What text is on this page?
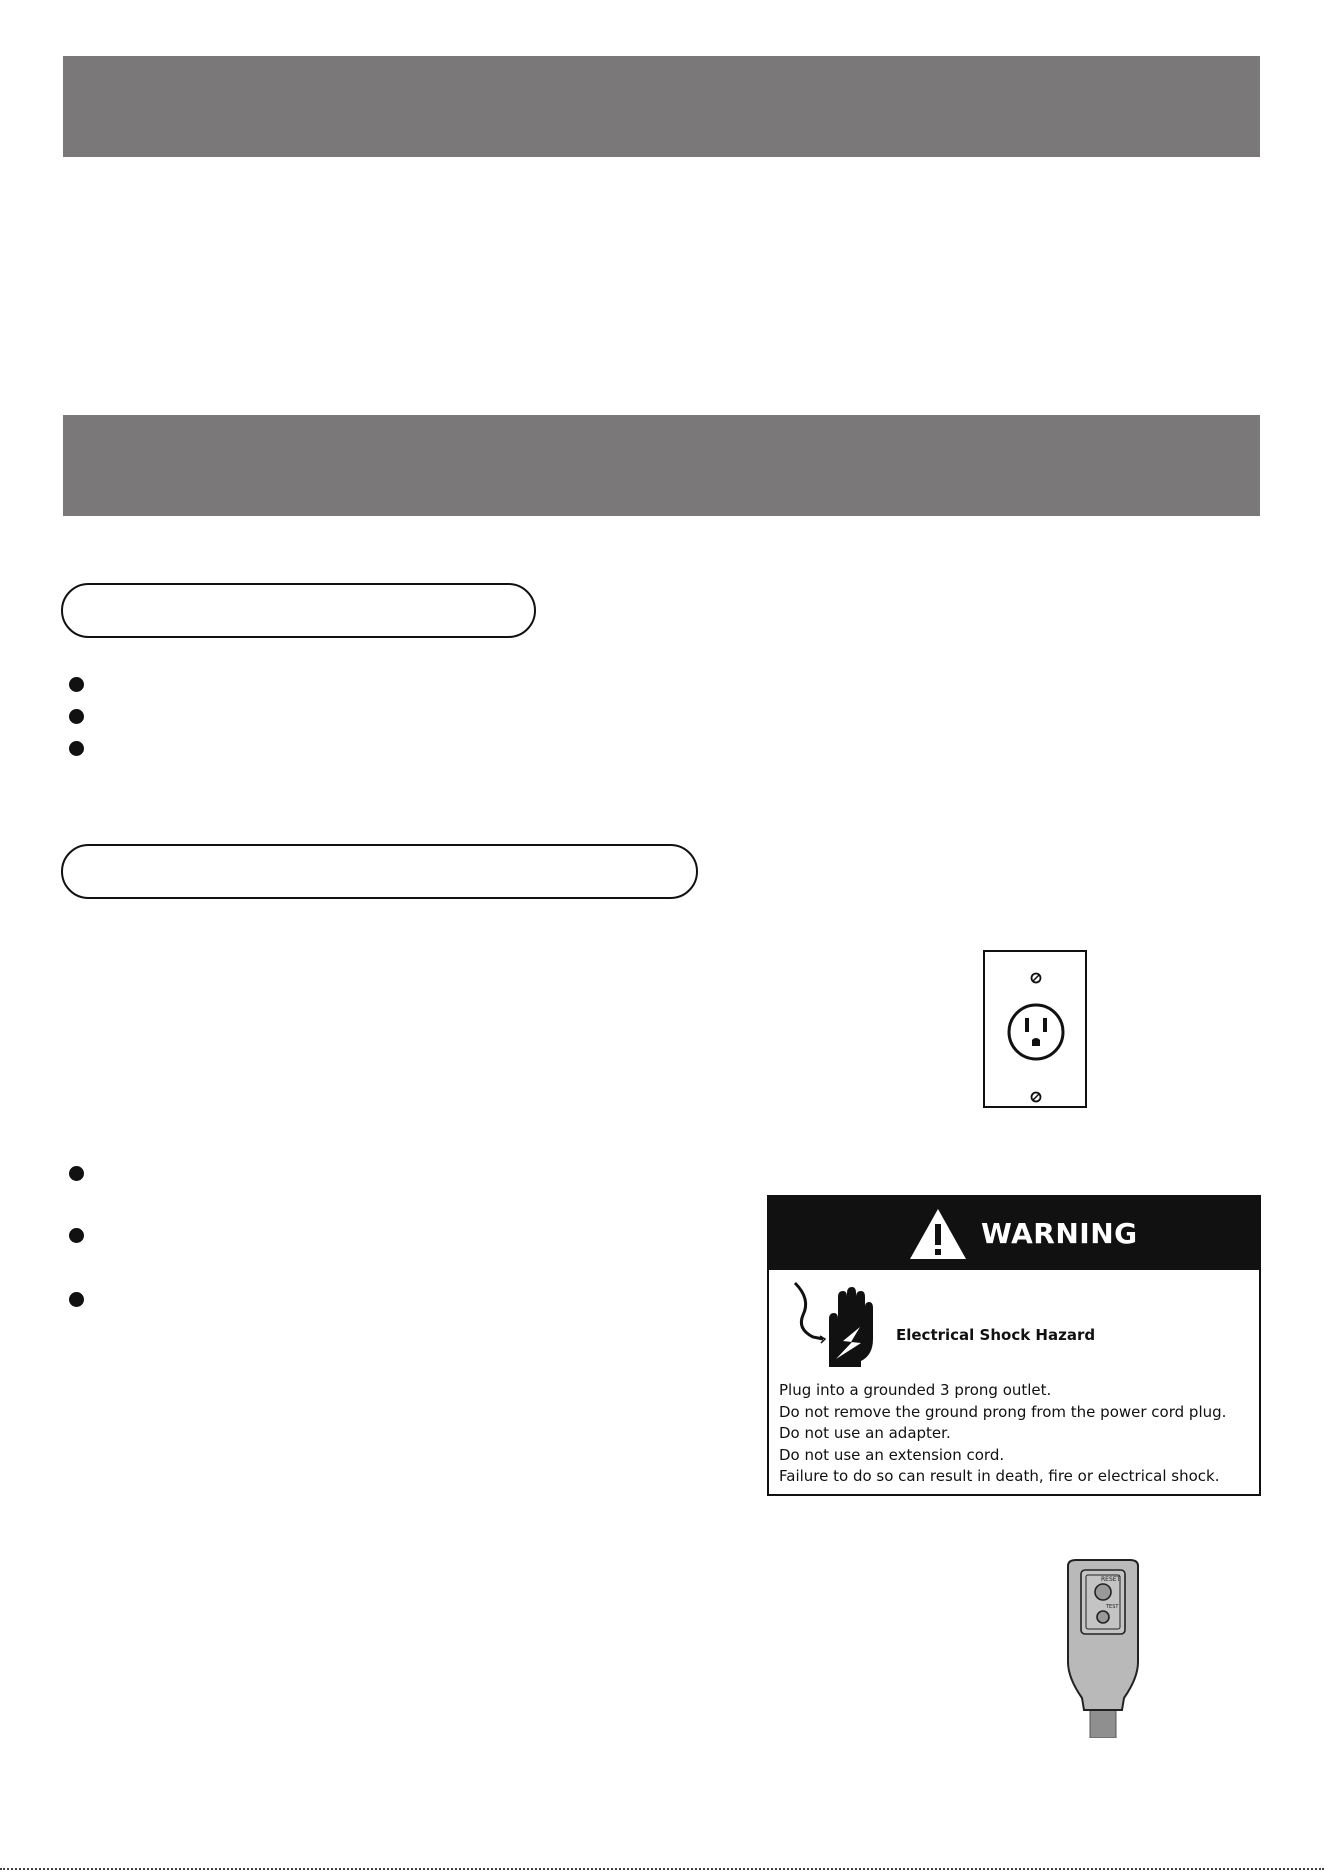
WARNING
Electrical Shock Hazard
Plug into a grounded 3 prong outlet.
Do not remove the ground prong from the power cord plug.
Do not use an adapter.
Do not use an extension cord.
Failure to do so can result in death, fire or electrical shock.
RESET
TEST
